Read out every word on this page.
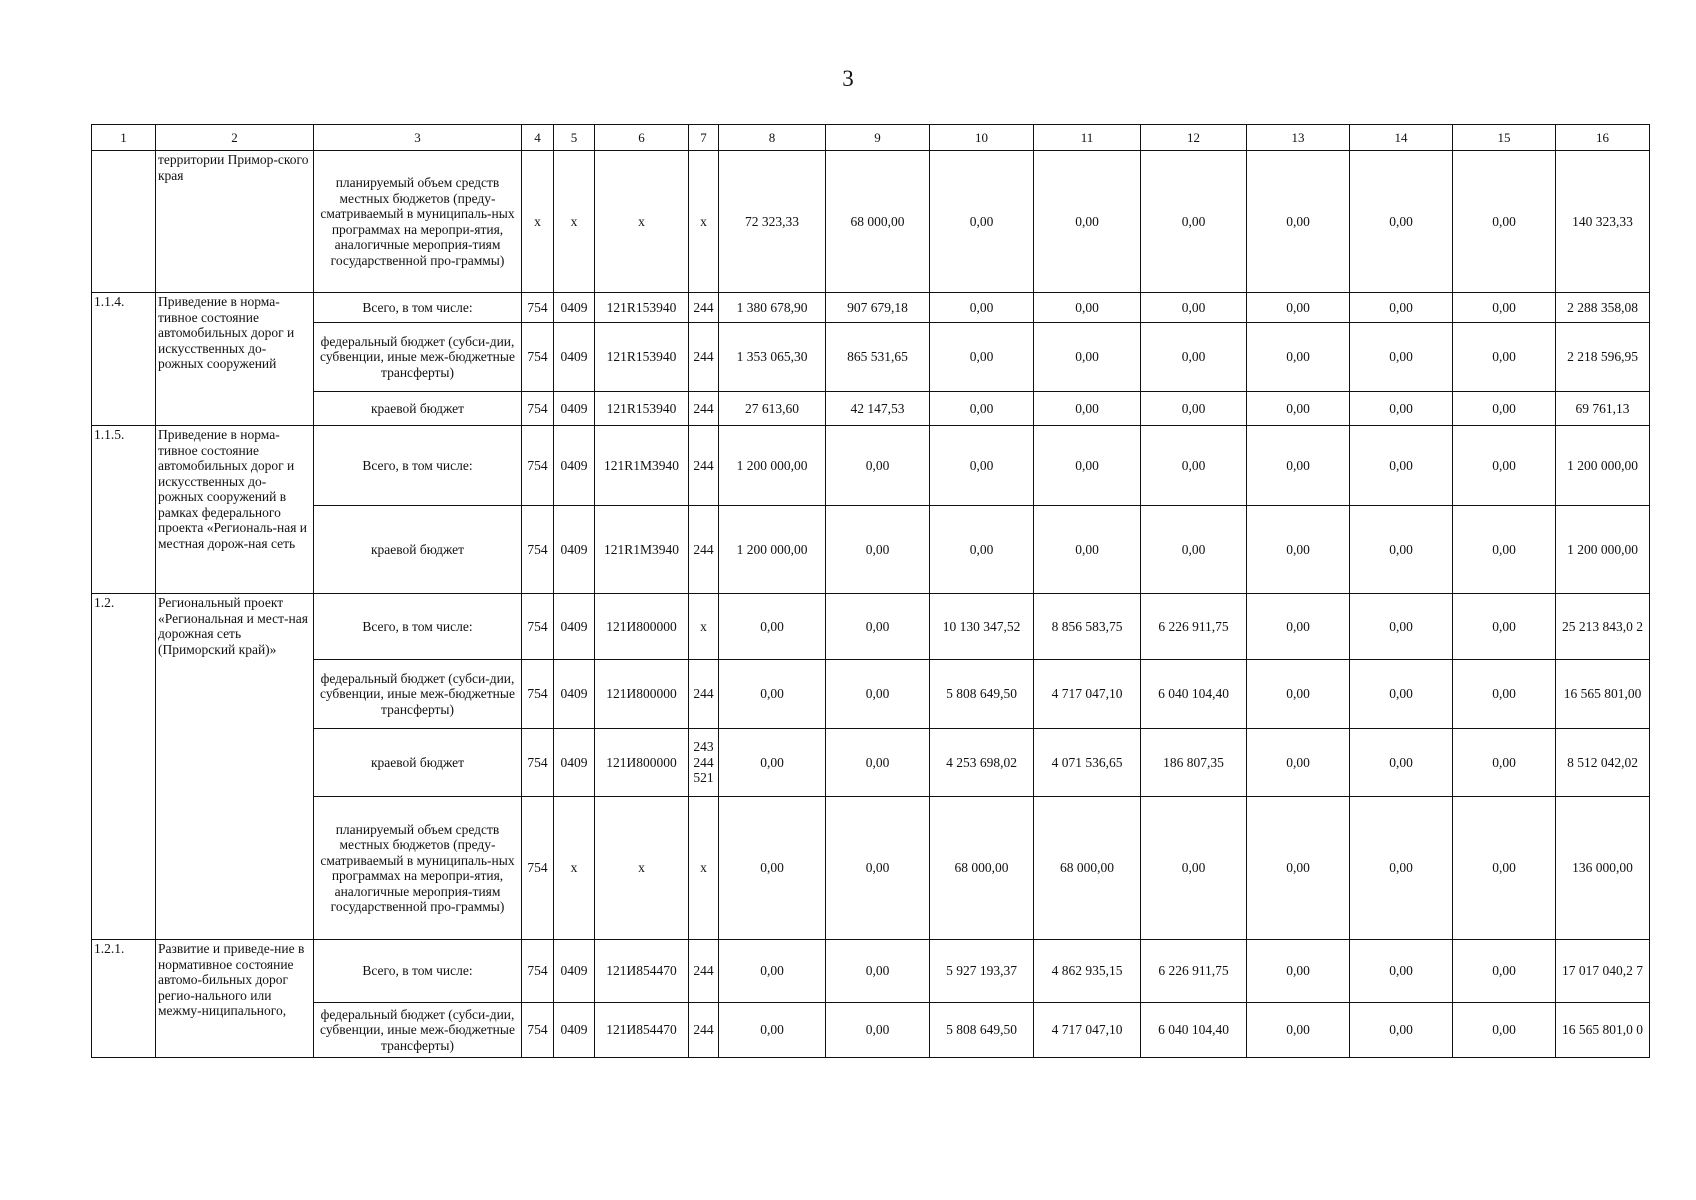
3
1	2	3	4	5	6	7	8	9	10	11	12	13	14	15	16
	территории Примор-ского края	планируемый объем средств местных бюджетов (преду-сматриваемый в муниципаль-ных программах на меропри-ятия, аналогичные мероприя-тиям государственной про-граммы)	x	x	x	x	72 323,33	68 000,00	0,00	0,00	0,00	0,00	0,00	0,00	140 323,33
1.1.4.	Приведение в норма-тивное состояние автомобильных дорог и искусственных до-рожных сооружений	Всего, в том числе:	754	0409	121R153940	244	1 380 678,90	907 679,18	0,00	0,00	0,00	0,00	0,00	0,00	2 288 358,08
		федеральный бюджет (субси-дии, субвенции, иные меж-бюджетные трансферты)	754	0409	121R153940	244	1 353 065,30	865 531,65	0,00	0,00	0,00	0,00	0,00	0,00	2 218 596,95
		краевой бюджет	754	0409	121R153940	244	27 613,60	42 147,53	0,00	0,00	0,00	0,00	0,00	0,00	69 761,13
1.1.5.	Приведение в норма-тивное состояние автомобильных дорог и искусственных до-рожных сооружений в рамках федерального проекта «Региональ-ная и местная дорож-ная сеть	Всего, в том числе:	754	0409	121R1M3940	244	1 200 000,00	0,00	0,00	0,00	0,00	0,00	0,00	0,00	1 200 000,00
		краевой бюджет	754	0409	121R1M3940	244	1 200 000,00	0,00	0,00	0,00	0,00	0,00	0,00	0,00	1 200 000,00
1.2.	Региональный проект «Региональная и мест-ная дорожная сеть (Приморский край)»	Всего, в том числе:	754	0409	121И800000	x	0,00	0,00	10 130 347,52	8 856 583,75	6 226 911,75	0,00	0,00	0,00	25 213 843,0 2
		федеральный бюджет (субси-дии, субвенции, иные меж-бюджетные трансферты)	754	0409	121И800000	244	0,00	0,00	5 808 649,50	4 717 047,10	6 040 104,40	0,00	0,00	0,00	16 565 801,00
		краевой бюджет	754	0409	121И800000	243 244 521	0,00	0,00	4 253 698,02	4 071 536,65	186 807,35	0,00	0,00	0,00	8 512 042,02
		планируемый объем средств местных бюджетов (преду-сматриваемый в муниципаль-ных программах на меропри-ятия, аналогичные мероприя-тиям государственной про-граммы)	754	x	x	x	0,00	0,00	68 000,00	68 000,00	0,00	0,00	0,00	0,00	136 000,00
1.2.1.	Развитие и приведе-ние в нормативное состояние автомо-бильных дорог регио-нального или межму-ниципального,	Всего, в том числе:	754	0409	121И854470	244	0,00	0,00	5 927 193,37	4 862 935,15	6 226 911,75	0,00	0,00	0,00	17 017 040,2 7
		федеральный бюджет (субси-дии, субвенции, иные меж-бюджетные трансферты)	754	0409	121И854470	244	0,00	0,00	5 808 649,50	4 717 047,10	6 040 104,40	0,00	0,00	0,00	16 565 801,0 0
